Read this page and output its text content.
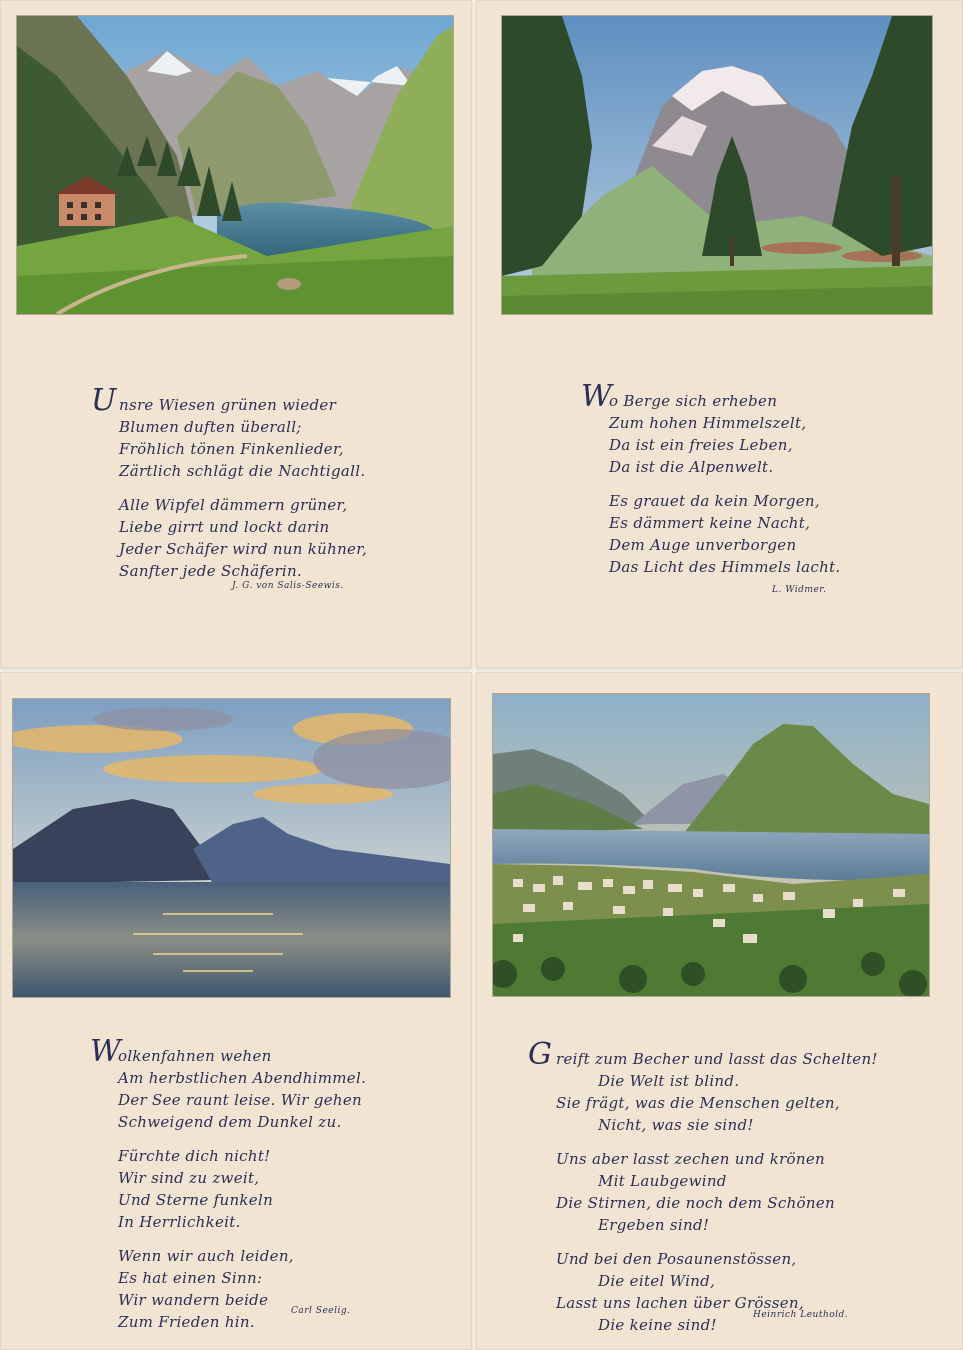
Unsre Wiesen grünen wieder
Blumen duften überall;
Fröhlich tönen Finkenlieder,
Zärtlich schlägt die Nachtigall.
Alle Wipfel dämmern grüner,
Liebe girrt und lockt darin
Jeder Schäfer wird nun kühner,
Sanfter jede Schäferin.
J. G. von Salis-Seewis.
Wo Berge sich erheben
Zum hohen Himmelszelt,
Da ist ein freies Leben,
Da ist die Alpenwelt.
Es grauet da kein Morgen,
Es dämmert keine Nacht,
Dem Auge unverborgen
Das Licht des Himmels lacht.
L. Widmer.
Wolkenfahnen wehen
Am herbstlichen Abendhimmel.
Der See raunt leise. Wir gehen
Schweigend dem Dunkel zu.
Fürchte dich nicht!
Wir sind zu zweit,
Und Sterne funkeln
In Herrlichkeit.
Wenn wir auch leiden,
Es hat einen Sinn:
Wir wandern beide
Zum Frieden hin.
Carl Seelig.
Greift zum Becher und lasst das Schelten!
Die Welt ist blind.
Sie frägt, was die Menschen gelten,
Nicht, was sie sind!
Uns aber lasst zechen und krönen
Mit Laubgewind
Die Stirnen, die noch dem Schönen
Ergeben sind!
Und bei den Posaunenstössen,
Die eitel Wind,
Lasst uns lachen über Grössen,
Die keine sind!
Heinrich Leuthold.
